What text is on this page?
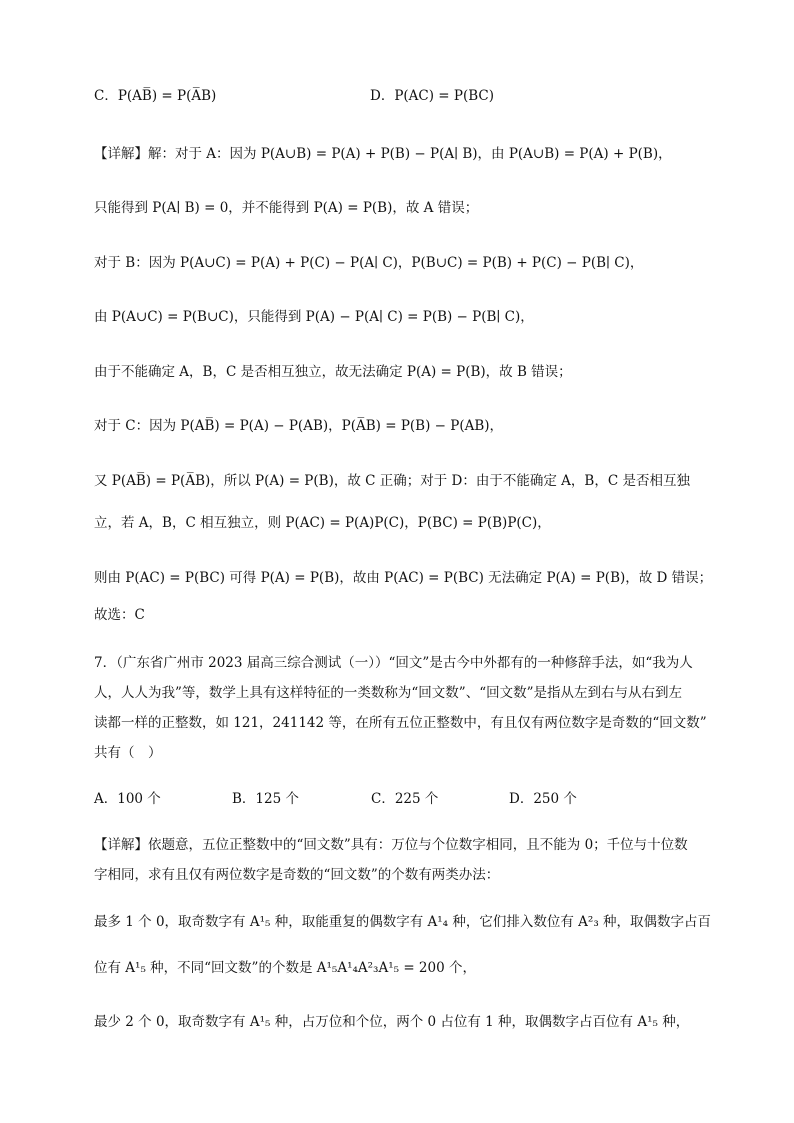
C．P(AB̅) = P(A̅B)	D．P(AC) = P(BC)
【详解】解：对于 A：因为 P(A∪B) = P(A) + P(B) − P(A∣ B)，由 P(A∪B) = P(A) + P(B)，
只能得到 P(A∣ B) = 0，并不能得到 P(A) = P(B)，故 A 错误；
对于 B：因为 P(A∪C) = P(A) + P(C) − P(A∣ C)，P(B∪C) = P(B) + P(C) − P(B∣ C)，
由 P(A∪C) = P(B∪C)，只能得到 P(A) − P(A∣ C) = P(B) − P(B∣ C)，
由于不能确定 A，B，C 是否相互独立，故无法确定 P(A) = P(B)，故 B 错误；
对于 C：因为 P(AB̅) = P(A) − P(AB)，P(A̅B) = P(B) − P(AB)，
又 P(AB̅) = P(A̅B)，所以 P(A) = P(B)，故 C 正确；对于 D：由于不能确定 A，B，C 是否相互独
立，若 A，B，C 相互独立，则 P(AC) = P(A)P(C)，P(BC) = P(B)P(C)，
则由 P(AC) = P(BC) 可得 P(A) = P(B)，故由 P(AC) = P(BC) 无法确定 P(A) = P(B)，故 D 错误；
故选：C
7．（广东省广州市 2023 届高三综合测试（一））“回文”是古今中外都有的一种修辞手法，如“我为人
人，人人为我”等，数学上具有这样特征的一类数称为“回文数”、“回文数”是指从左到右与从右到左
读都一样的正整数，如 121，241142 等，在所有五位正整数中，有且仅有两位数字是奇数的“回文数”
共有（　）
A．100 个	B．125 个	C．225 个	D．250 个
【详解】依题意，五位正整数中的“回文数”具有：万位与个位数字相同，且不能为 0；千位与十位数
字相同，求有且仅有两位数字是奇数的“回文数”的个数有两类办法：
最多 1 个 0，取奇数字有 A¹₅ 种，取能重复的偶数字有 A¹₄ 种，它们排入数位有 A²₃ 种，取偶数字占百
位有 A¹₅ 种，不同“回文数”的个数是 A¹₅A¹₄A²₃A¹₅ = 200 个，
最少 2 个 0，取奇数字有 A¹₅ 种，占万位和个位，两个 0 占位有 1 种，取偶数字占百位有 A¹₅ 种，
